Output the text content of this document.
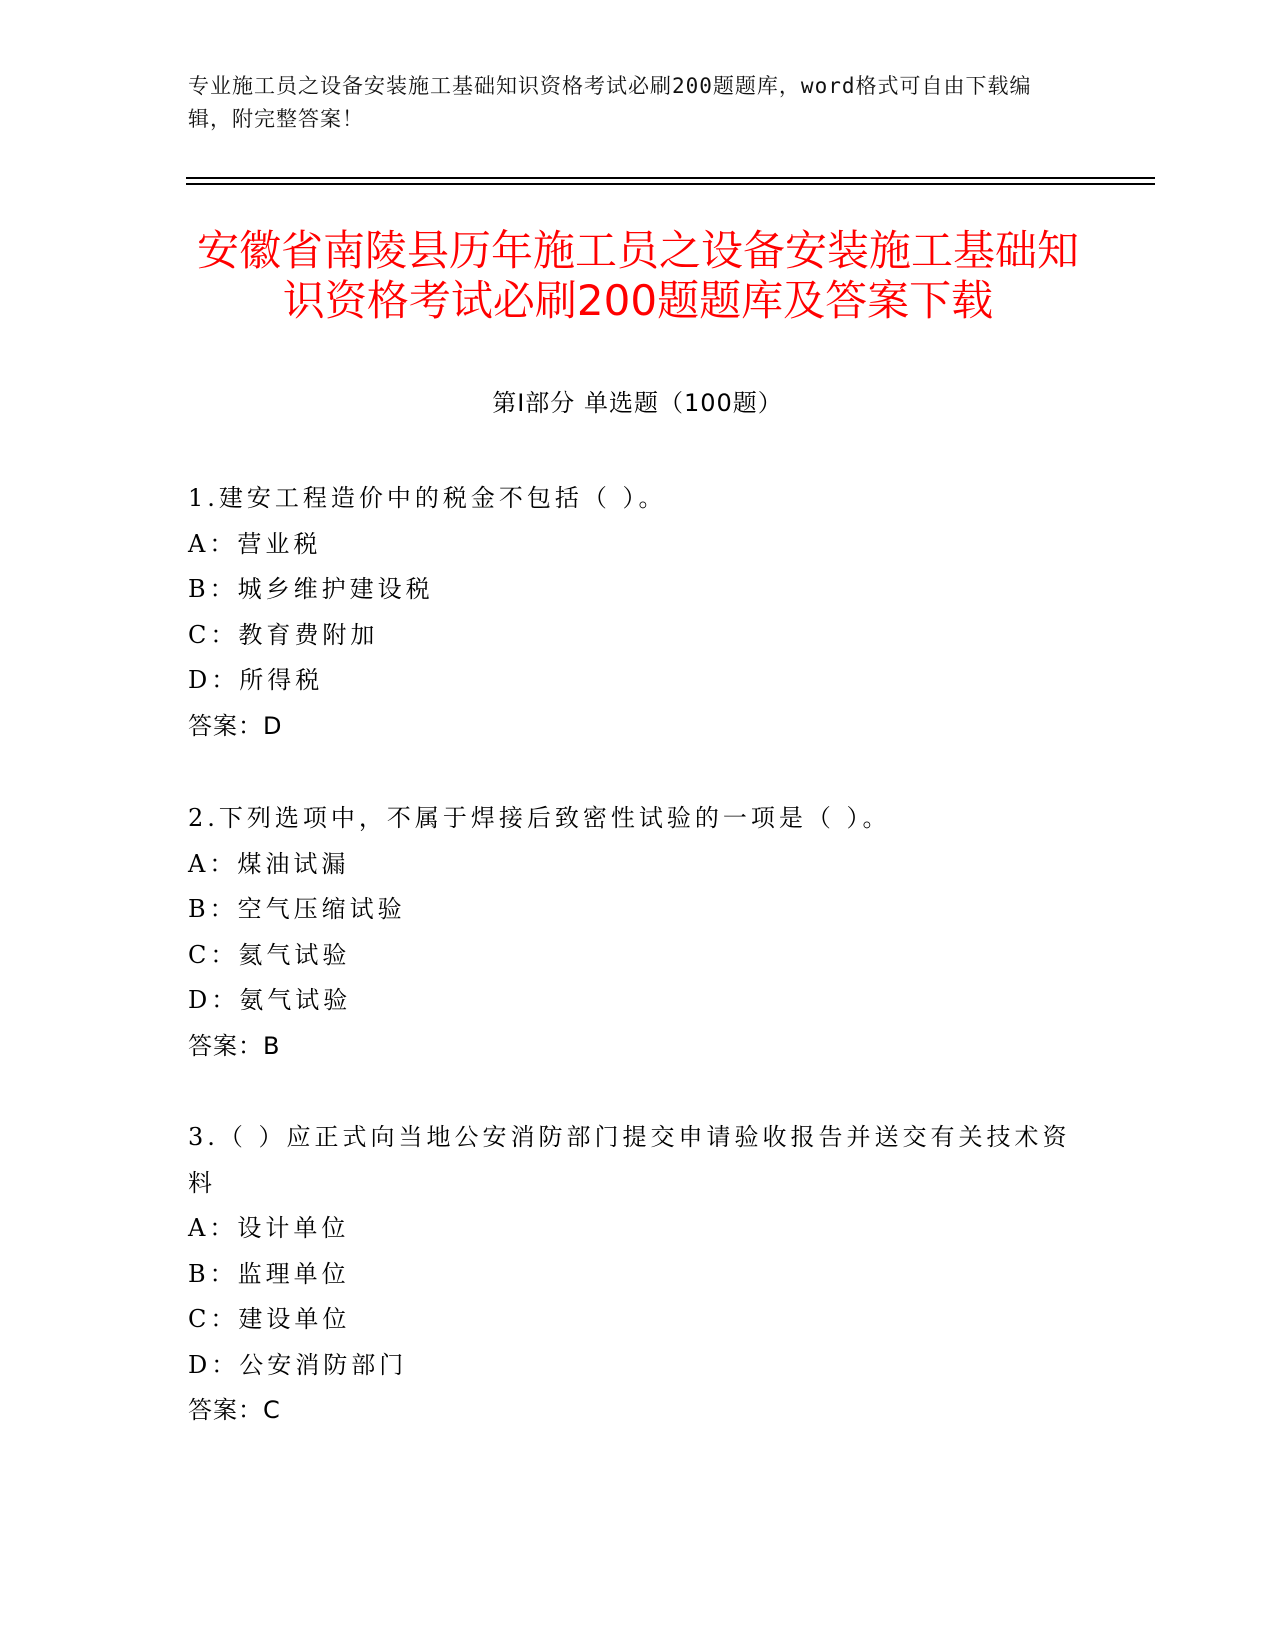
专业施工员之设备安装施工基础知识资格考试必刷200题题库，word格式可自由下载编辑，附完整答案！
安徽省南陵县历年施工员之设备安装施工基础知识资格考试必刷200题题库及答案下载
第Ⅰ部分 单选题（100题）
1.建安工程造价中的税金不包括（ ）。
A：营业税
B：城乡维护建设税
C：教育费附加
D：所得税
答案：D
2.下列选项中，不属于焊接后致密性试验的一项是（ ）。
A：煤油试漏
B：空气压缩试验
C：氦气试验
D：氨气试验
答案：B
3.（ ）应正式向当地公安消防部门提交申请验收报告并送交有关技术资料
A：设计单位
B：监理单位
C：建设单位
D：公安消防部门
答案：C
